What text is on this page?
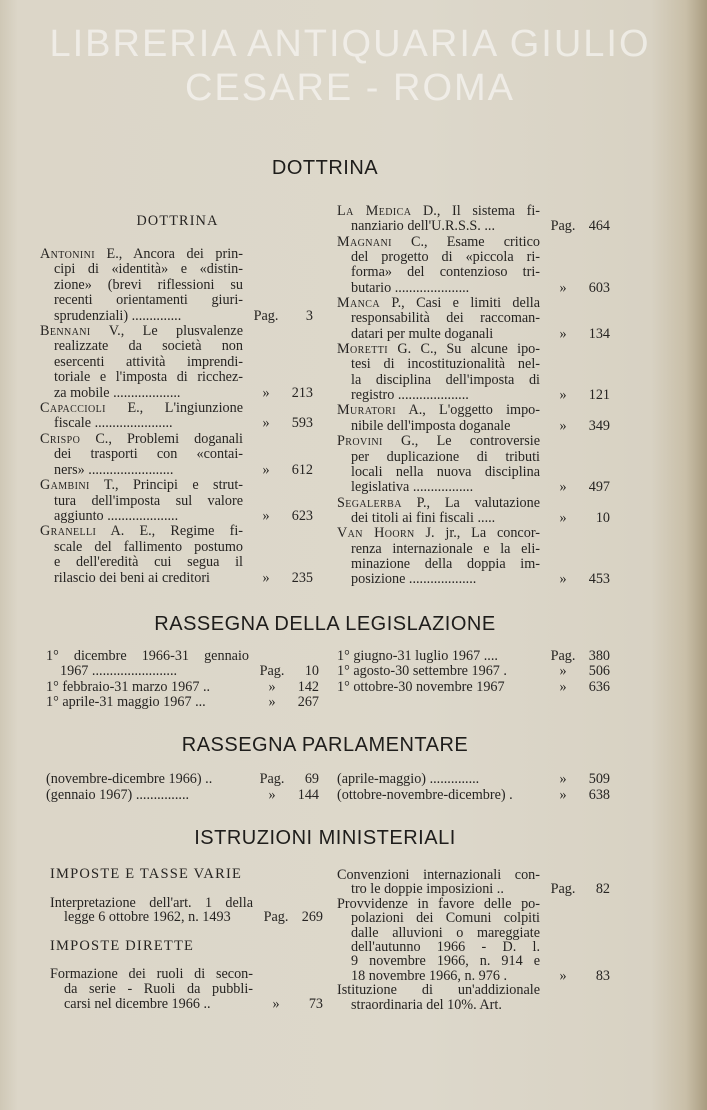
LIBRERIA ANTIQUARIA GIULIO CESARE - ROMA
DOTTRINA
DOTTRINA
Antonini E., Ancora dei prin-
cipi di «identità» e «distin-
zione» (brevi riflessioni su
recenti orientamenti giuri-
sprudenziali) ..............	Pag.	3
Bennani V., Le plusvalenze
realizzate da società non
esercenti attività imprendi-
toriale e l'imposta di ricchez-
za mobile ...................	»	213
Capaccioli E., L'ingiunzione
fiscale ......................	»	593
Crispo C., Problemi doganali
dei trasporti con «contai-
ners» ........................	»	612
Gambini T., Principi e strut-
tura dell'imposta sul valore
aggiunto ....................	»	623
Granelli A. E., Regime fi-
scale del fallimento postumo
e dell'eredità cui segua il
rilascio dei beni ai creditori	»	235
La Medica D., Il sistema fi-
nanziario dell'U.R.S.S. ...	Pag. 464
Magnani C., Esame critico
del progetto di «piccola ri-
forma» del contenzioso tri-
butario .....................	»	603
Manca P., Casi e limiti della
responsabilità dei raccoman-
datari per multe doganali	»	134
Moretti G. C., Su alcune ipo-
tesi di incostituzionalità nel-
la disciplina dell'imposta di
registro ....................	»	121
Muratori A., L'oggetto impo-
nibile dell'imposta doganale	»	349
Provini G., Le controversie
per duplicazione di tributi
locali nella nuova disciplina
legislativa .................	»	497
Segalerba P., La valutazione
dei titoli ai fini fiscali .....	»	10
Van Hoorn J. jr., La concor-
renza internazionale e la eli-
minazione della doppia im-
posizione ...................	»	453
RASSEGNA DELLA LEGISLAZIONE
1° dicembre 1966-31 gennaio
1967 ........................	Pag.	10
1° febbraio-31 marzo 1967 ..	»	142
1° aprile-31 maggio 1967 ...	»	267
1° giugno-31 luglio 1967 ....	Pag. 380
1° agosto-30 settembre 1967 .	»	506
1° ottobre-30 novembre 1967	»	636
RASSEGNA PARLAMENTARE
(novembre-dicembre 1966) ..	Pag.	69
(gennaio 1967) ...............	»	144
(aprile-maggio) ..............	»	509
(ottobre-novembre-dicembre) .	»	638
ISTRUZIONI MINISTERIALI
IMPOSTE E TASSE VARIE
Interpretazione dell'art. 1 della
legge 6 ottobre 1962, n. 1493	Pag. 269
IMPOSTE DIRETTE
Formazione dei ruoli di secon-
da serie - Ruoli da pubbli-
carsi nel dicembre 1966 ..	»	73
Convenzioni internazionali con-
tro le doppie imposizioni ..	Pag.	82
Provvidenze in favore delle po-
polazioni dei Comuni colpiti
dalle alluvioni o mareggiate
dell'autunno 1966 - D. l.
9 novembre 1966, n. 914 e
18 novembre 1966, n. 976 .	»	83
Istituzione di un'addizionale
straordinaria del 10%. Art.
